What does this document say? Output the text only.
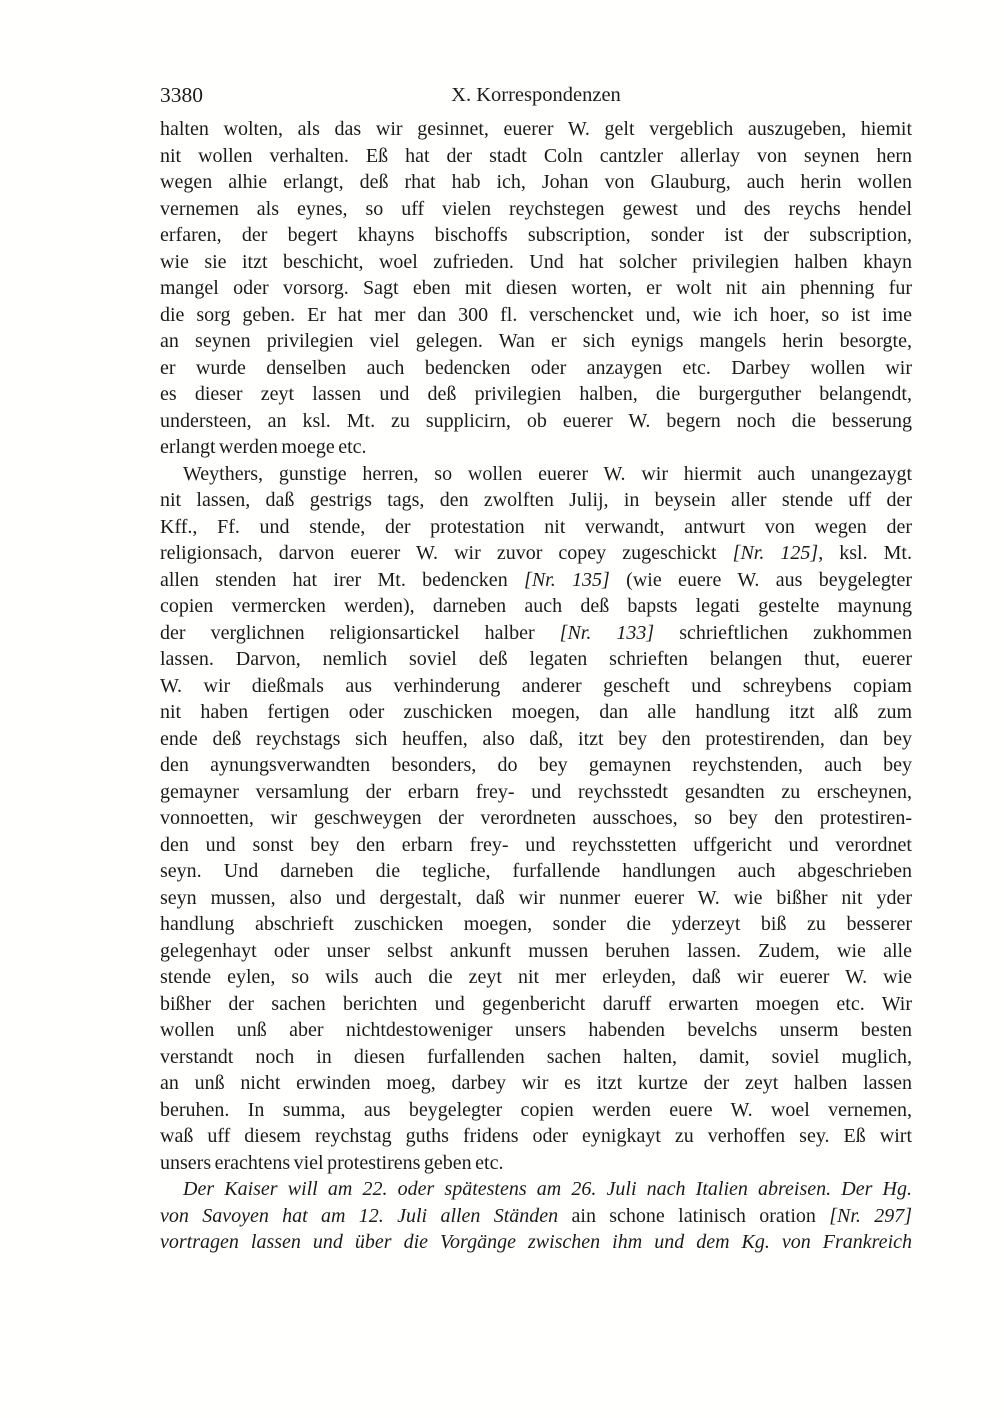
3380	X. Korrespondenzen
halten wolten, als das wir gesinnet, euerer W. gelt vergeblich auszugeben, hiemit
nit wollen verhalten. Eß hat der stadt Coln cantzler allerlay von seynen hern
wegen alhie erlangt, deß rhat hab ich, Johan von Glauburg, auch herin wollen
vernemen als eynes, so uff vielen reychstegen gewest und des reychs hendel
erfaren, der begert khayns bischoffs subscription, sonder ist der subscription,
wie sie itzt beschicht, woel zufrieden. Und hat solcher privilegien halben khayn
mangel oder vorsorg. Sagt eben mit diesen worten, er wolt nit ain phenning fur
die sorg geben. Er hat mer dan 300 fl. verschencket und, wie ich hoer, so ist ime
an seynen privilegien viel gelegen. Wan er sich eynigs mangels herin besorgte,
er wurde denselben auch bedencken oder anzaygen etc. Darbey wollen wir
es dieser zeyt lassen und deß privilegien halben, die burgerguther belangendt,
understeen, an ksl. Mt. zu supplicirn, ob euerer W. begern noch die besserung
erlangt werden moege etc.
Weythers, gunstige herren, so wollen euerer W. wir hiermit auch unangezaygt
nit lassen, daß gestrigs tags, den zwolften Julij, in beysein aller stende uff der
Kff., Ff. und stende, der protestation nit verwandt, antwurt von wegen der
religionsach, darvon euerer W. wir zuvor copey zugeschickt [Nr. 125], ksl. Mt.
allen stenden hat irer Mt. bedencken [Nr. 135] (wie euere W. aus beygelegter
copien vermercken werden), darneben auch deß bapsts legati gestelte maynung
der verglichnen religionsartickel halber [Nr. 133] schrieftlichen zukhommen
lassen. Darvon, nemlich soviel deß legaten schrieften belangen thut, euerer
W. wir dießmals aus verhinderung anderer gescheft und schreybens copiam
nit haben fertigen oder zuschicken moegen, dan alle handlung itzt alß zum
ende deß reychstags sich heuffen, also daß, itzt bey den protestirenden, dan bey
den aynungsverwandten besonders, do bey gemaynen reychstenden, auch bey
gemayner versamlung der erbarn frey- und reychsstedt gesandten zu erscheynen,
vonnoetten, wir geschweygen der verordneten ausschoes, so bey den protestiren-
den und sonst bey den erbarn frey- und reychsstetten uffgericht und verordnet
seyn. Und darneben die tegliche, furfallende handlungen auch abgeschrieben
seyn mussen, also und dergestalt, daß wir nunmer euerer W. wie bißher nit yder
handlung abschrieft zuschicken moegen, sonder die yderzeyt biß zu besserer
gelegenhayt oder unser selbst ankunft mussen beruhen lassen. Zudem, wie alle
stende eylen, so wils auch die zeyt nit mer erleyden, daß wir euerer W. wie
bißher der sachen berichten und gegenbericht daruff erwarten moegen etc. Wir
wollen unß aber nichtdestoweniger unsers habenden bevelchs unserm besten
verstandt noch in diesen furfallenden sachen halten, damit, soviel muglich,
an unß nicht erwinden moeg, darbey wir es itzt kurtze der zeyt halben lassen
beruhen. In summa, aus beygelegter copien werden euere W. woel vernemen,
waß uff diesem reychstag guths fridens oder eynigkayt zu verhoffen sey. Eß wirt
unsers erachtens viel protestirens geben etc.
Der Kaiser will am 22. oder spätestens am 26. Juli nach Italien abreisen. Der Hg.
von Savoyen hat am 12. Juli allen Ständen ain schone latinisch oration [Nr. 297]
vortragen lassen und über die Vorgänge zwischen ihm und dem Kg. von Frankreich
